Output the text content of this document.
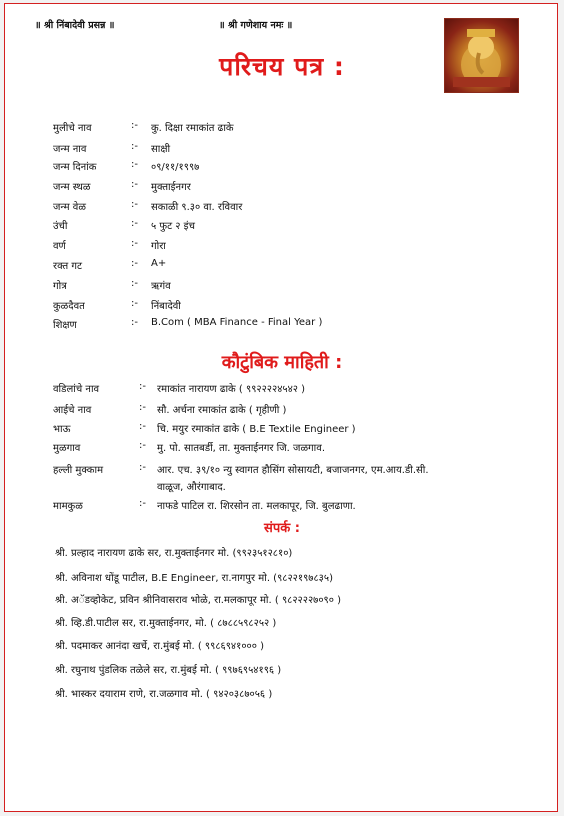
॥ श्री निंबादेवी प्रसन्न ॥	॥ श्री गणेशाय नमः ॥
परिचय पत्र :
मुलीचे नाव	:- कु. दिक्षा रमाकांत ढाके
जन्म नाव	:- साक्षी
जन्म दिनांक	:- ०९/११/१९९७
जन्म स्थळ	:- मुक्ताईनगर
जन्म वेळ	:- सकाळी ९.३० वा. रविवार
उंची	:- ५ फुट २ इंच
वर्ण	:- गोरा
रक्त गट	:- A+
गोत्र	:- ऋगंव
कुळदैवत	:- निंबादेवी
शिक्षण	:- B.Com ( MBA Finance - Final Year )
कौटुंबिक माहिती :
वडिलांचे नाव	:- रमाकांत नारायण ढाके ( ९९२२२२४५४२ )
आईचे नाव	:- सौ. अर्चना रमाकांत ढाके ( गृहीणी )
भाऊ	:- चि. मयुर रमाकांत ढाके ( B.E Textile Engineer )
मुळगाव	:- मु. पो. सातबर्डी, ता. मुक्ताईनगर जि. जळगाव.
हल्ली मुक्काम	:- आर. एच. ३९/१० न्यु स्वागत हौसिंग सोसायटी, बजाजनगर, एम.आय.डी.सी.
वाळूज, औरंगाबाद.
मामकुळ	:- नाफडे पाटिल रा. शिरसोन ता. मलकापूर, जि. बुलढाणा.
संपर्क :
श्री. प्रल्हाद नारायण ढाके सर, रा.मुक्ताईनगर मो. (९९२३५१२८१०)
श्री. अविनाश धोंडू पाटील, B.E Engineer, रा.नागपुर मो. (९८२२१९७८३५)
श्री. अॅडव्होकेट, प्रविन श्रीनिवासराव भोळे, रा.मलकापूर मो. ( ९८२२२२७०९० )
श्री. व्हि.डी.पाटील सर, रा.मुक्ताईनगर, मो. ( ८७८८५९८२५२ )
श्री. पदमाकर आनंदा खर्चे, रा.मुंबई मो. ( ९९८६९४१००० )
श्री. रघुनाथ पुंडलिक तळेले सर, रा.मुंबई मो. ( ९९७६९५४१९६ )
श्री. भास्कर दयाराम राणे, रा.जळगाव मो. ( ९४२०३८७०५६ )
